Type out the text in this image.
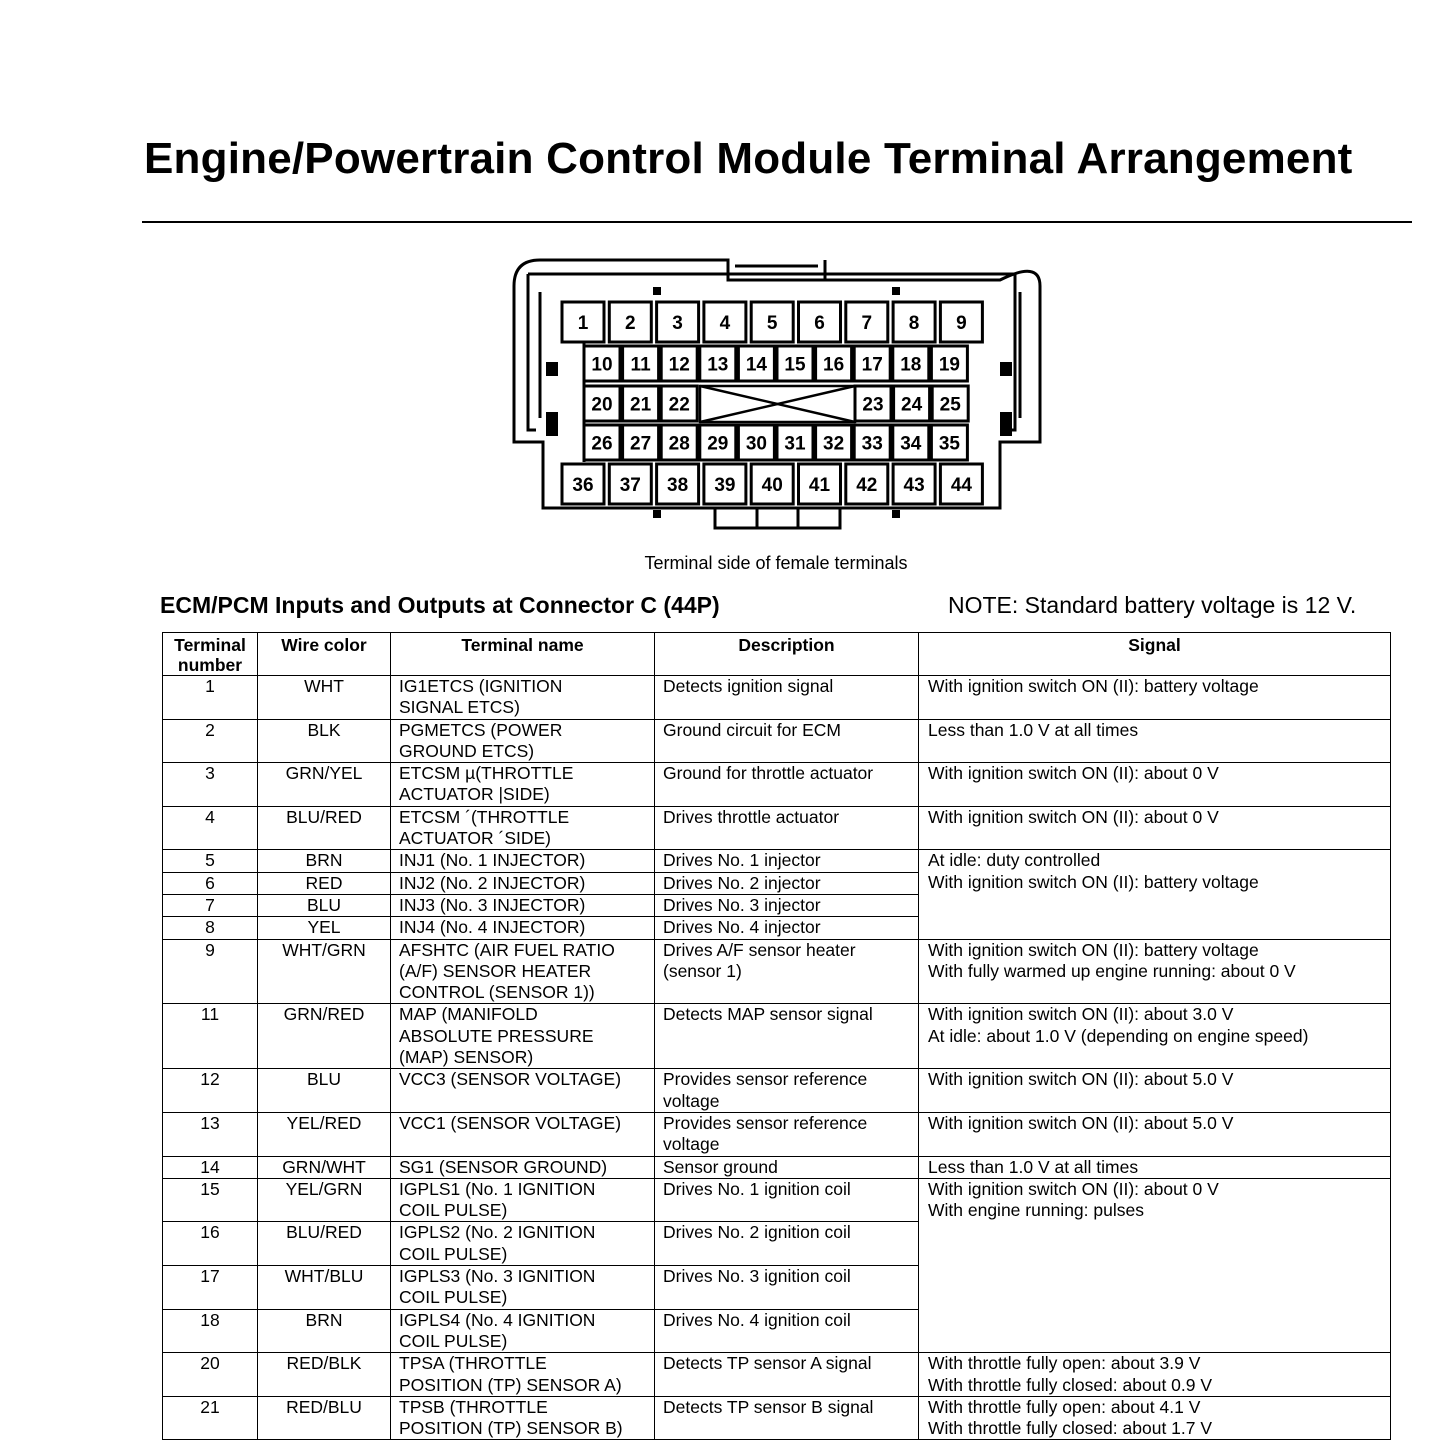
Engine/Powertrain Control Module Terminal Arrangement
1 2 3 4 5 6 7 8 9
10 11 12 13 14 15 16 17 18 19
20 21 22	23 24 25
26 27 28 29 30 31 32 33 34 35
36 37 38 39 40 41 42 43 44
Terminal side of female terminals
ECM/PCM Inputs and Outputs at Connector C (44P)	NOTE: Standard battery voltage is 12 V.
Terminal
number	Wire color	Terminal name	Description	Signal
1	WHT	IG1ETCS (IGNITION
SIGNAL ETCS)	Detects ignition signal	With ignition switch ON (II): battery voltage

2	BLK	PGMETCS (POWER
GROUND ETCS)	Ground circuit for ECM	Less than 1.0 V at all times

3	GRN/YEL	ETCSM µ(THROTTLE
ACTUATOR |SIDE)	Ground for throttle actuator	With ignition switch ON (II): about 0 V

4	BLU/RED	ETCSM ´(THROTTLE
ACTUATOR ´SIDE)	Drives throttle actuator	With ignition switch ON (II): about 0 V

5	BRN	INJ1 (No. 1 INJECTOR)	Drives No. 1 injector	At idle: duty controlled
With ignition switch ON (II): battery voltage

6	RED	INJ2 (No. 2 INJECTOR)	Drives No. 2 injector	

7	BLU	INJ3 (No. 3 INJECTOR)	Drives No. 3 injector	

8	YEL	INJ4 (No. 4 INJECTOR)	Drives No. 4 injector	

9	WHT/GRN	AFSHTC (AIR FUEL RATIO
(A/F) SENSOR HEATER
CONTROL (SENSOR 1))	Drives A/F sensor heater
(sensor 1)	With ignition switch ON (II): battery voltage
With fully warmed up engine running: about 0 V

11	GRN/RED	MAP (MANIFOLD
ABSOLUTE PRESSURE
(MAP) SENSOR)	Detects MAP sensor signal	With ignition switch ON (II): about 3.0 V
At idle: about 1.0 V (depending on engine speed)

12	BLU	VCC3 (SENSOR VOLTAGE)	Provides sensor reference
voltage	With ignition switch ON (II): about 5.0 V

13	YEL/RED	VCC1 (SENSOR VOLTAGE)	Provides sensor reference
voltage	With ignition switch ON (II): about 5.0 V

14	GRN/WHT	SG1 (SENSOR GROUND)	Sensor ground	Less than 1.0 V at all times

15	YEL/GRN	IGPLS1 (No. 1 IGNITION
COIL PULSE)	Drives No. 1 ignition coil	With ignition switch ON (II): about 0 V
With engine running: pulses

16	BLU/RED	IGPLS2 (No. 2 IGNITION
COIL PULSE)	Drives No. 2 ignition coil	

17	WHT/BLU	IGPLS3 (No. 3 IGNITION
COIL PULSE)	Drives No. 3 ignition coil	

18	BRN	IGPLS4 (No. 4 IGNITION
COIL PULSE)	Drives No. 4 ignition coil	

20	RED/BLK	TPSA (THROTTLE
POSITION (TP) SENSOR A)	Detects TP sensor A signal	With throttle fully open: about 3.9 V
With throttle fully closed: about 0.9 V

21	RED/BLU	TPSB (THROTTLE
POSITION (TP) SENSOR B)	Detects TP sensor B signal	With throttle fully open: about 4.1 V
With throttle fully closed: about 1.7 V
